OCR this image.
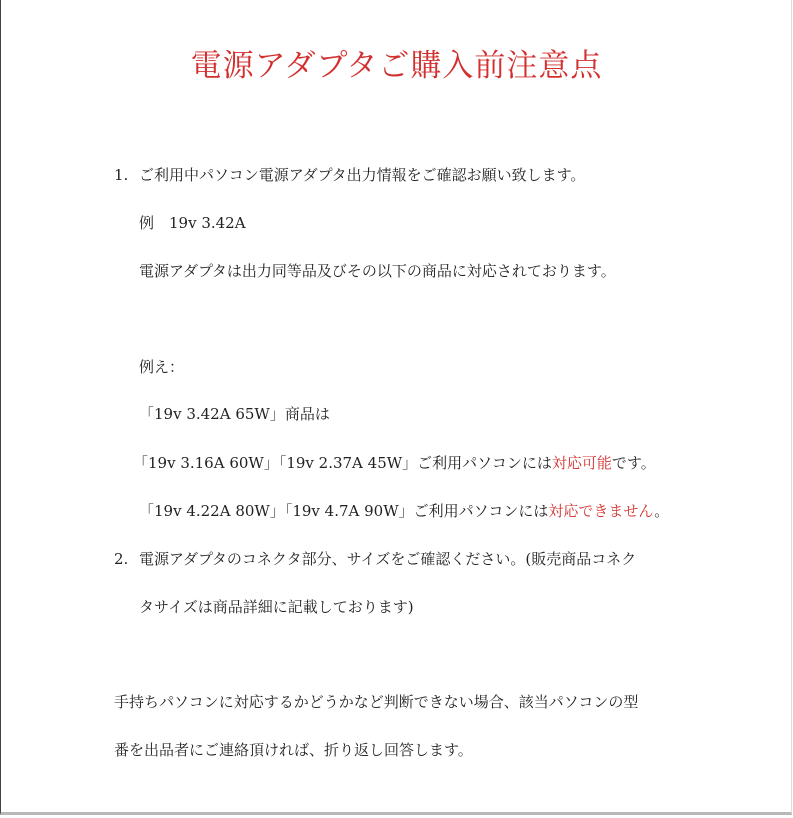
電源アダプタご購入前注意点
1. ご利用中パソコン電源アダプタ出力情報をご確認お願い致します。
例　19v 3.42A
電源アダプタは出力同等品及びその以下の商品に対応されております。
例え：
「19v 3.42A 65W」商品は
「19v 3.16A 60W」「19v 2.37A 45W」ご利用パソコンには対応可能です。
「19v 4.22A 80W」「19v 4.7A 90W」ご利用パソコンには対応できません。
2. 電源アダプタのコネクタ部分、サイズをご確認ください。(販売商品コネク
タサイズは商品詳細に記載しております)
手持ちパソコンに対応するかどうかなど判断できない場合、該当パソコンの型
番を出品者にご連絡頂ければ、折り返し回答します。
